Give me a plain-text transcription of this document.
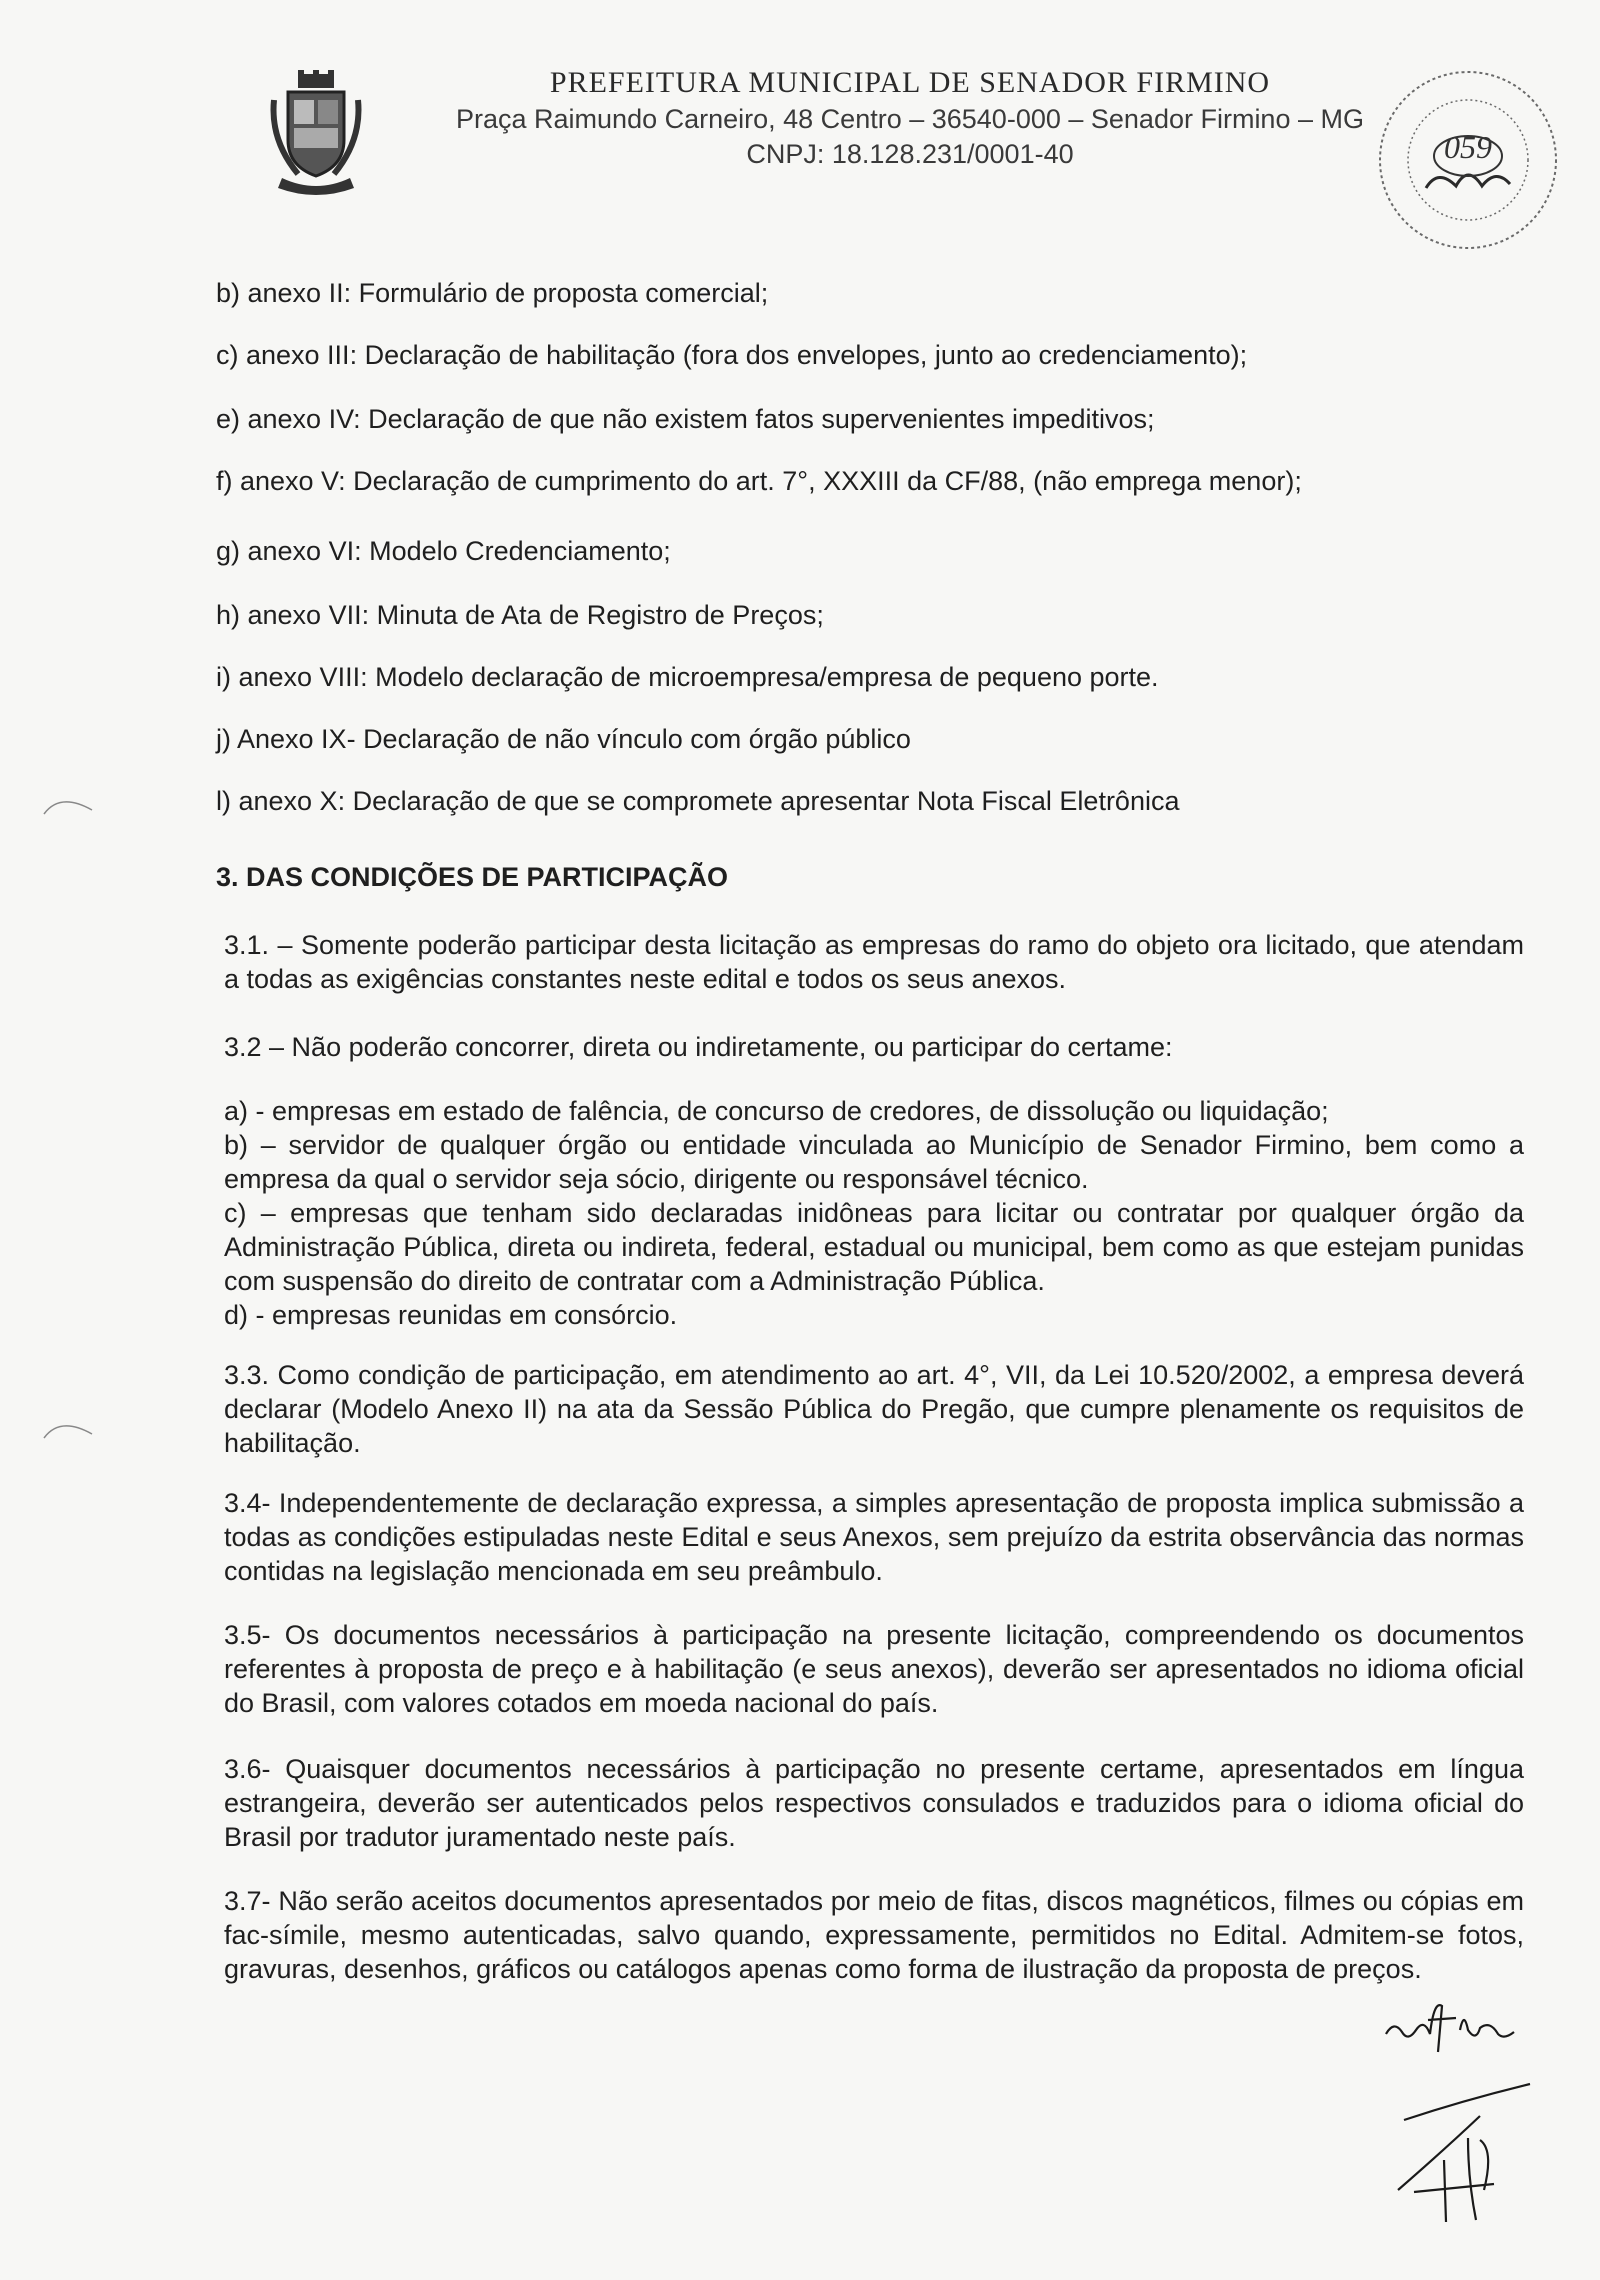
PREFEITURA MUNICIPAL DE SENADOR FIRMINO
Praça Raimundo Carneiro, 48 Centro – 36540-000 – Senador Firmino – MG
CNPJ: 18.128.231/0001-40	059
b) anexo II: Formulário de proposta comercial;
c) anexo III: Declaração de habilitação (fora dos envelopes, junto ao credenciamento);
e) anexo IV: Declaração de que não existem fatos supervenientes impeditivos;
f) anexo V: Declaração de cumprimento do art. 7°, XXXIII da CF/88, (não emprega menor);
g) anexo VI: Modelo Credenciamento;
h) anexo VII: Minuta de Ata de Registro de Preços;
i) anexo VIII: Modelo declaração de microempresa/empresa de pequeno porte.
j) Anexo IX- Declaração de não vínculo com órgão público
l) anexo X: Declaração de que se compromete apresentar Nota Fiscal Eletrônica
3. DAS CONDIÇÕES DE PARTICIPAÇÃO
3.1. – Somente poderão participar desta licitação as empresas do ramo do objeto ora licitado, que atendam a todas as exigências constantes neste edital e todos os seus anexos.
3.2 – Não poderão concorrer, direta ou indiretamente, ou participar do certame:
a) - empresas em estado de falência, de concurso de credores, de dissolução ou liquidação;
b) – servidor de qualquer órgão ou entidade vinculada ao Município de Senador Firmino, bem como a empresa da qual o servidor seja sócio, dirigente ou responsável técnico.
c) – empresas que tenham sido declaradas inidôneas para licitar ou contratar por qualquer órgão da Administração Pública, direta ou indireta, federal, estadual ou municipal, bem como as que estejam punidas com suspensão do direito de contratar com a Administração Pública.
d) - empresas reunidas em consórcio.
3.3. Como condição de participação, em atendimento ao art. 4°, VII, da Lei 10.520/2002, a empresa deverá declarar (Modelo Anexo II) na ata da Sessão Pública do Pregão, que cumpre plenamente os requisitos de habilitação.
3.4- Independentemente de declaração expressa, a simples apresentação de proposta implica submissão a todas as condições estipuladas neste Edital e seus Anexos, sem prejuízo da estrita observância das normas contidas na legislação mencionada em seu preâmbulo.
3.5- Os documentos necessários à participação na presente licitação, compreendendo os documentos referentes à proposta de preço e à habilitação (e seus anexos), deverão ser apresentados no idioma oficial do Brasil, com valores cotados em moeda nacional do país.
3.6- Quaisquer documentos necessários à participação no presente certame, apresentados em língua estrangeira, deverão ser autenticados pelos respectivos consulados e traduzidos para o idioma oficial do Brasil por tradutor juramentado neste país.
3.7- Não serão aceitos documentos apresentados por meio de fitas, discos magnéticos, filmes ou cópias em fac-símile, mesmo autenticadas, salvo quando, expressamente, permitidos no Edital. Admitem-se fotos, gravuras, desenhos, gráficos ou catálogos apenas como forma de ilustração da proposta de preços.
